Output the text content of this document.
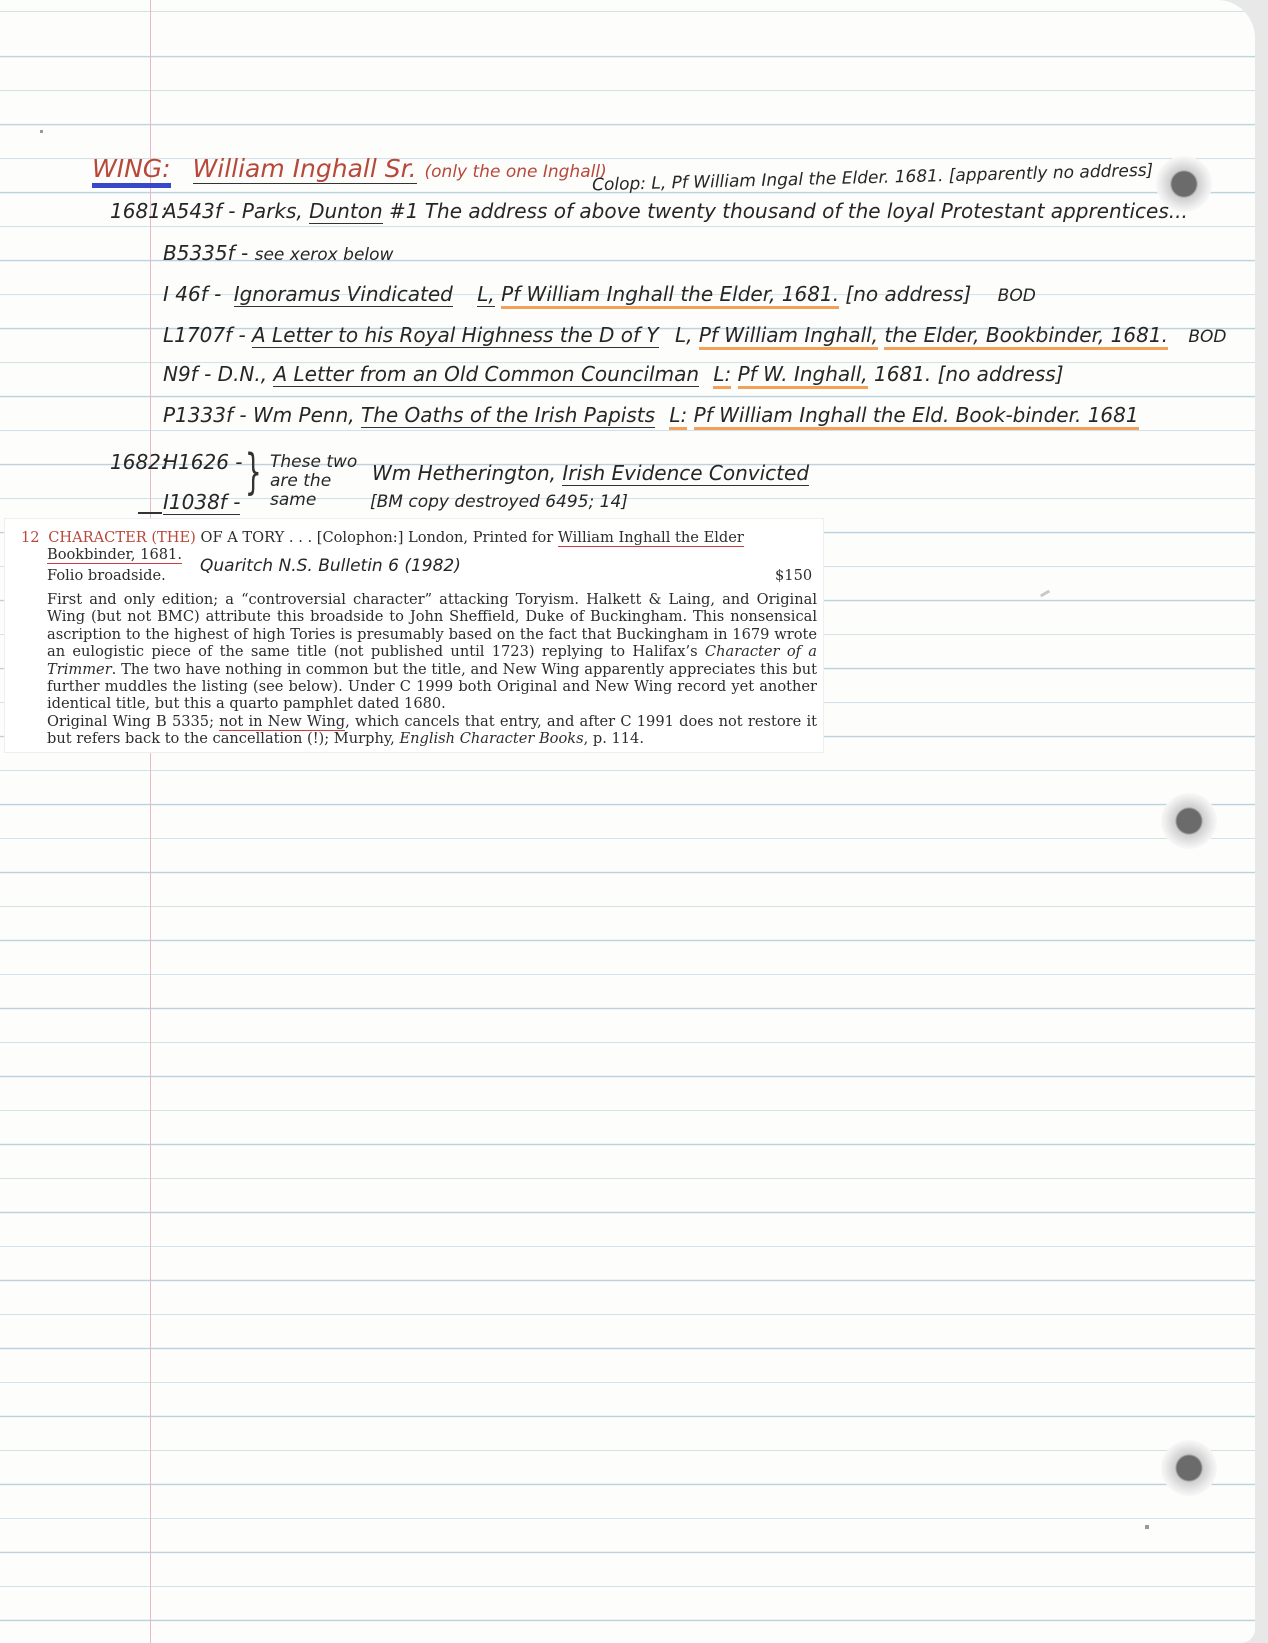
WING: William Inghall Sr. (only the one Inghall)
Colop: L, Pf William Ingal the Elder. 1681. [apparently no address]
1681:
A543f - Parks, Dunton #1 The address of above twenty thousand of the loyal Protestant apprentices...
B5335f - see xerox below
I 46f - Ignoramus Vindicated L, Pf William Inghall the Elder, 1681. [no address] BOD
L1707f - A Letter to his Royal Highness the D of Y L, Pf William Inghall, the Elder, Bookbinder, 1681. BOD
N9f - D.N., A Letter from an Old Common Councilman L: Pf W. Inghall, 1681. [no address]
P1333f - Wm Penn, The Oaths of the Irish Papists L: Pf William Inghall the Eld. Book-binder. 1681
1682:
H1626 -
I1038f -
} These two are the same
Wm Hetherington, Irish Evidence Convicted
[BM copy destroyed 6495; 14]
12 CHARACTER (THE) OF A TORY . . . [Colophon:] London, Printed for William Inghall the Elder
Bookbinder, 1681.
Folio broadside. Quaritch N.S. Bulletin 6 (1982)	$150
First and only edition; a “controversial character” attacking Toryism. Halkett & Laing, and Original Wing (but not BMC) attribute this broadside to John Sheffield, Duke of Buckingham. This nonsensical ascription to the highest of high Tories is presumably based on the fact that Buckingham in 1679 wrote an eulogistic piece of the same title (not published until 1723) replying to Halifax’s Character of a Trimmer. The two have nothing in common but the title, and New Wing apparently appreciates this but further muddles the listing (see below). Under C 1999 both Original and New Wing record yet another identical title, but this a quarto pamphlet dated 1680.
Original Wing B 5335; not in New Wing, which cancels that entry, and after C 1991 does not restore it but refers back to the cancellation (!); Murphy, English Character Books, p. 114.
